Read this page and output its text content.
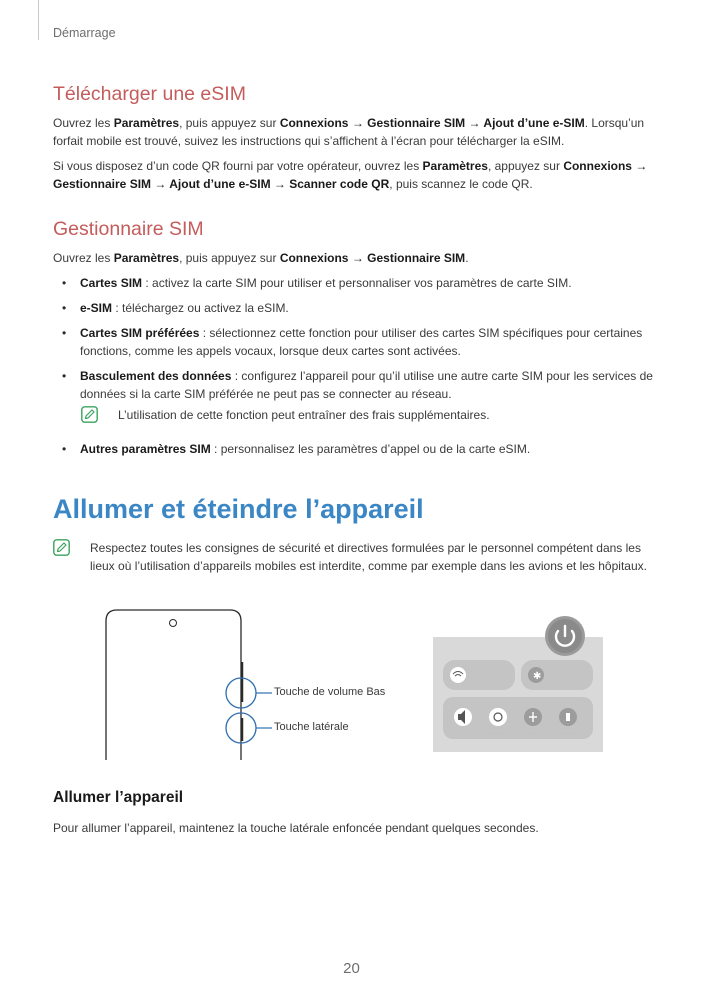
Démarrage
Télécharger une eSIM

Ouvrez les Paramètres, puis appuyez sur Connexions → Gestionnaire SIM → Ajout d’une e-SIM. Lorsqu’un forfait mobile est trouvé, suivez les instructions qui s’affichent à l’écran pour télécharger la eSIM.

Si vous disposez d’un code QR fourni par votre opérateur, ouvrez les Paramètres, appuyez sur Connexions → Gestionnaire SIM → Ajout d’une e-SIM → Scanner code QR, puis scannez le code QR.

Gestionnaire SIM

Ouvrez les Paramètres, puis appuyez sur Connexions → Gestionnaire SIM.

• Cartes SIM : activez la carte SIM pour utiliser et personnaliser vos paramètres de carte SIM.
• e-SIM : téléchargez ou activez la eSIM.
• Cartes SIM préférées : sélectionnez cette fonction pour utiliser des cartes SIM spécifiques pour certaines fonctions, comme les appels vocaux, lorsque deux cartes sont activées.
• Basculement des données : configurez l’appareil pour qu’il utilise une autre carte SIM pour les services de données si la carte SIM préférée ne peut pas se connecter au réseau.
L’utilisation de cette fonction peut entraîner des frais supplémentaires.
• Autres paramètres SIM : personnalisez les paramètres d’appel ou de la carte eSIM.
Allumer et éteindre l’appareil
Respectez toutes les consignes de sécurité et directives formulées par le personnel compétent dans les lieux où l’utilisation d’appareils mobiles est interdite, comme par exemple dans les avions et les hôpitaux.
✱
Touche de volume Bas
Touche latérale	Son	Auto rotation	Mode Avion	Lampe de poche
Allumer l’appareil

Pour allumer l’appareil, maintenez la touche latérale enfoncée pendant quelques secondes.

20
